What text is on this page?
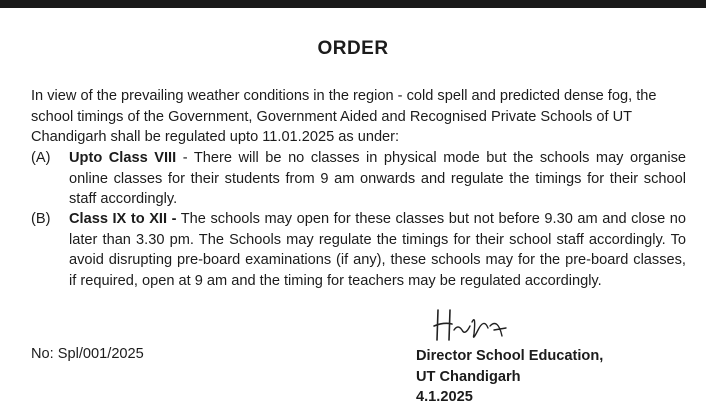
ORDER
In view of the prevailing weather conditions in the region - cold spell and predicted dense fog, the school timings of the Government, Government Aided and Recognised Private Schools of UT Chandigarh shall be regulated upto 11.01.2025 as under:
(A)	Upto Class VIII - There will be no classes in physical mode but the schools may organise online classes for their students from 9 am onwards and regulate the timings for their school staff accordingly.
(B)	Class IX to XII - The schools may open for these classes but not before 9.30 am and close no later than 3.30 pm. The Schools may regulate the timings for their school staff accordingly. To avoid disrupting pre-board examinations (if any), these schools may for the pre-board classes, if required, open at 9 am and the timing for teachers may be regulated accordingly.
No: Spl/001/2025	Director School Education,
UT Chandigarh
4.1.2025
